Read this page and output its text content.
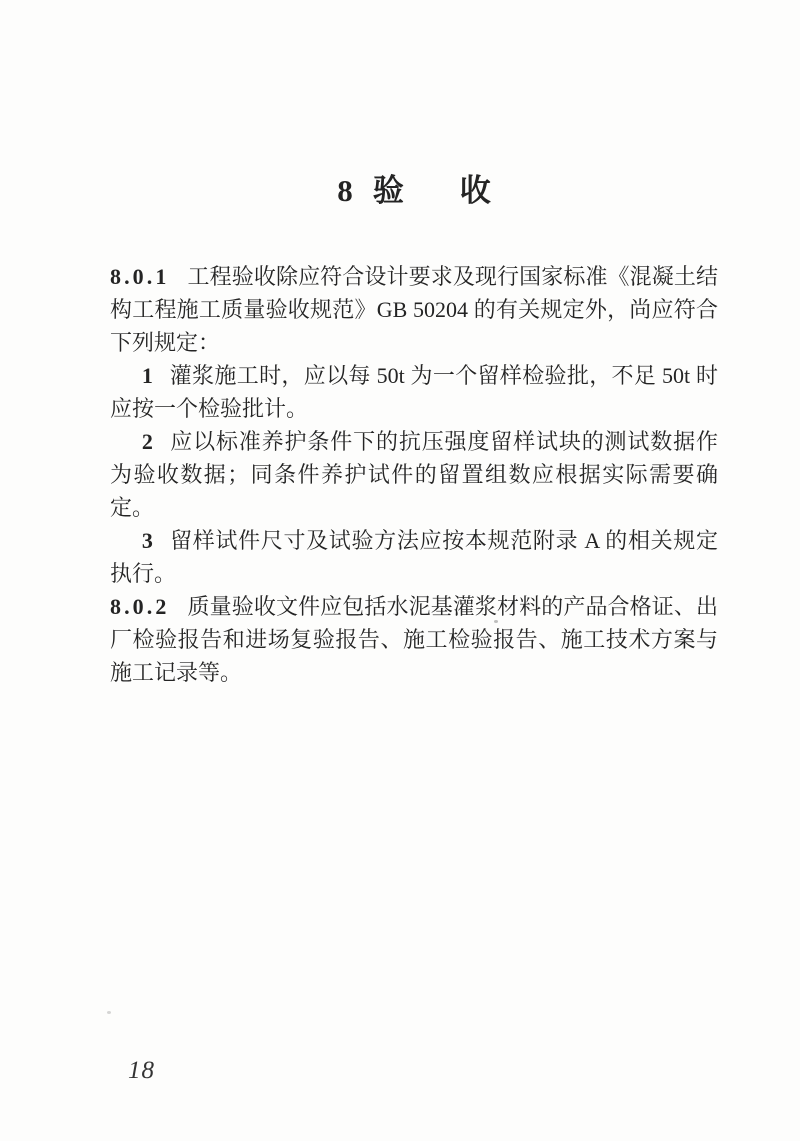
8 验收

8.0.1 工程验收除应符合设计要求及现行国家标准《混凝土结构工程施工质量验收规范》GB 50204 的有关规定外，尚应符合下列规定：

1 灌浆施工时，应以每 50t 为一个留样检验批，不足 50t 时应按一个检验批计。

2 应以标准养护条件下的抗压强度留样试块的测试数据作为验收数据；同条件养护试件的留置组数应根据实际需要确定。

3 留样试件尺寸及试验方法应按本规范附录 A 的相关规定执行。

8.0.2 质量验收文件应包括水泥基灌浆材料的产品合格证、出厂检验报告和进场复验报告、施工检验报告、施工技术方案与施工记录等。

18
